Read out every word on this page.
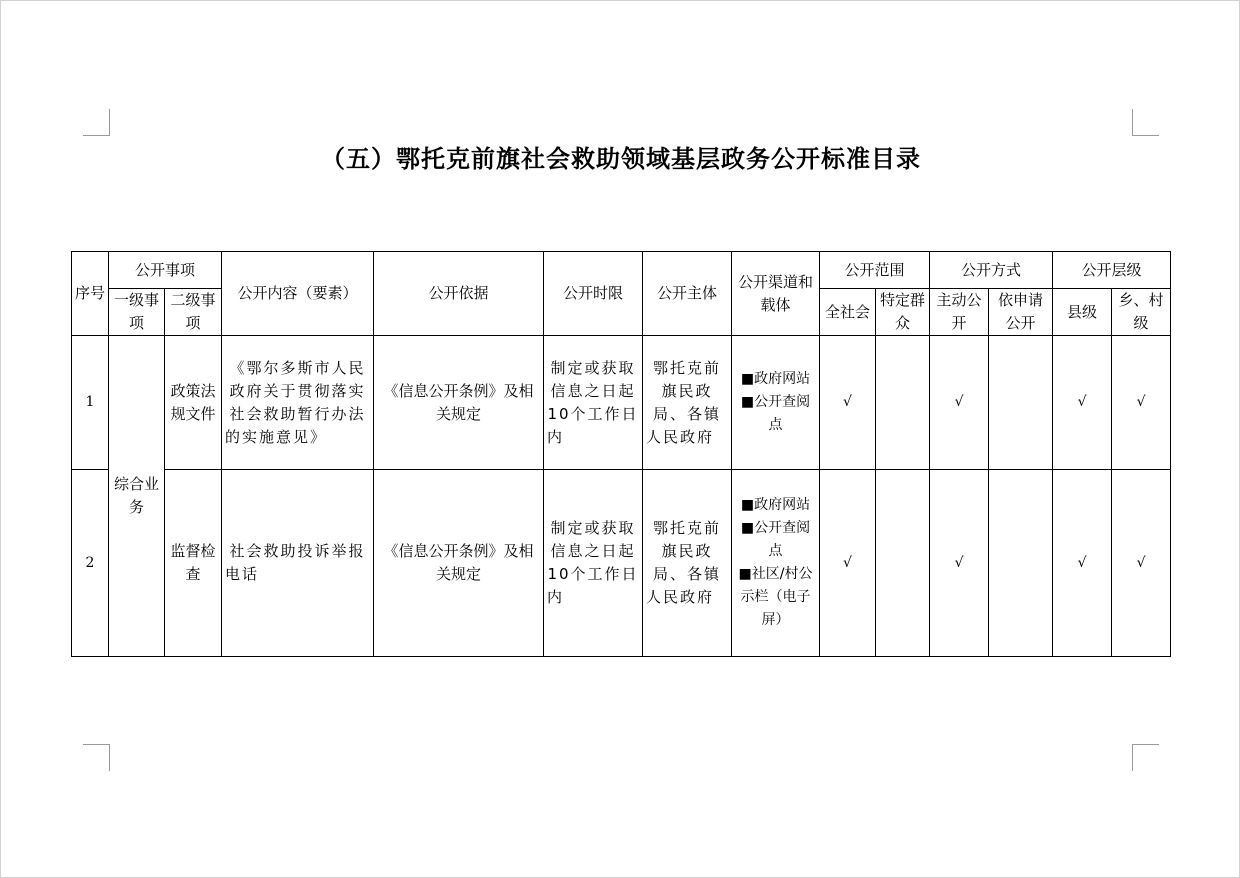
（五）鄂托克前旗社会救助领域基层政务公开标准目录
序号	公开事项		公开内容（要素）	公开依据	公开时限	公开主体	公开渠道和载体	公开范围		公开方式		公开层级	
	一级事项	二级事项						全社会	特定群众	主动公开	依申请公开	县级	乡、村级
1	综合业务	政策法规文件	《鄂尔多斯市人民政府关于贯彻落实社会救助暂行办法的实施意见》	《信息公开条例》及相关规定	制定或获取信息之日起10个工作日内	鄂托克前旗民政局、各镇人民政府	■政府网站
■公开查阅点	√		√		√	√
2		监督检查	社会救助投诉举报电话	《信息公开条例》及相关规定	制定或获取信息之日起10个工作日内	鄂托克前旗民政局、各镇人民政府	■政府网站
■公开查阅点
■社区/村公示栏（电子屏）	√		√		√	√
